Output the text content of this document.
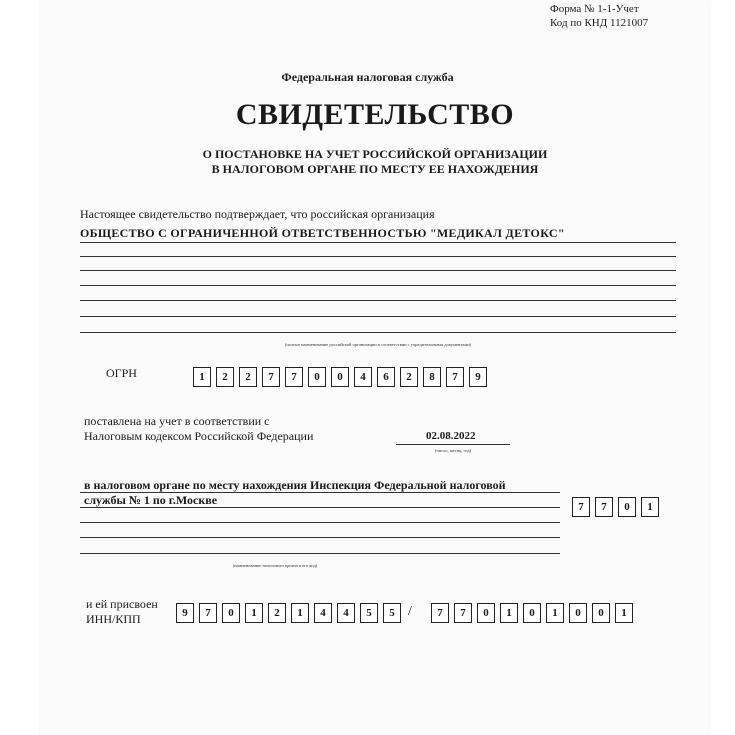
Форма № 1-1-Учет
Код по КНД 1121007
Федеральная налоговая служба
СВИДЕТЕЛЬСТВО
О ПОСТАНОВКЕ НА УЧЕТ РОССИЙСКОЙ ОРГАНИЗАЦИИ
В НАЛОГОВОМ ОРГАНЕ ПО МЕСТУ ЕЕ НАХОЖДЕНИЯ
Настоящее свидетельство подтверждает, что российская организация
ОБЩЕСТВО С ОГРАНИЧЕННОЙ ОТВЕТСТВЕННОСТЬЮ "МЕДИКАЛ ДЕТОКС"
(полное наименование российской организации в соответствии с учредительными документами)
ОГРН	1	2	2	7	7	0	0	4	6	2	8	7	9
поставлена на учет в соответствии с
Налоговым кодексом Российской Федерации	02.08.2022
(число, месяц, год)
в налоговом органе по месту нахождения Инспекция Федеральной налоговой
службы № 1 по г.Москве
(наименование налогового органа и его код)
7	7	0	1
и ей присвоен
ИНН/КПП	9	7	0	1	2	1	4	4	5	5 /	7	7	0	1	0	1	0	0	1
